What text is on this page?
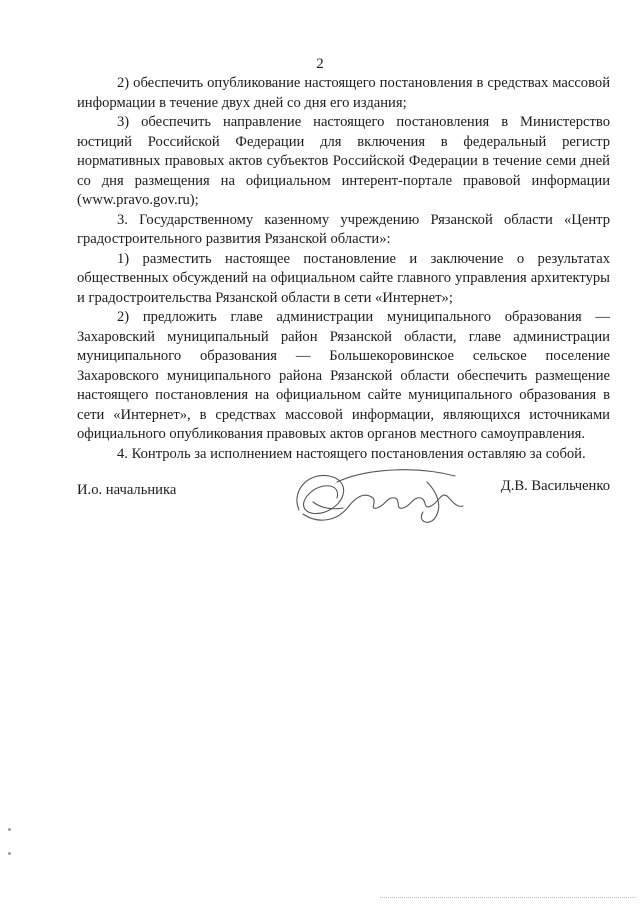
2

2) обеспечить опубликование настоящего постановления в средствах массовой информации в течение двух дней со дня его издания;

3) обеспечить направление настоящего постановления в Министерство юстиций Российской Федерации для включения в федеральный регистр нормативных правовых актов субъектов Российской Федерации в течение семи дней со дня размещения на официальном интерент-портале правовой информации (www.pravo.gov.ru);

3. Государственному казенному учреждению Рязанской области «Центр градостроительного развития Рязанской области»:

1) разместить настоящее постановление и заключение о результатах общественных обсуждений на официальном сайте главного управления архитектуры и градостроительства Рязанской области в сети «Интернет»;

2) предложить главе администрации муниципального образования — Захаровский муниципальный район Рязанской области, главе администрации муниципального образования — Большекоровинское сельское поселение Захаровского муниципального района Рязанской области обеспечить размещение настоящего постановления на официальном сайте муниципального образования в сети «Интернет», в средствах массовой информации, являющихся источниками официального опубликования правовых актов органов местного самоуправления.

4. Контроль за исполнением настоящего постановления оставляю за собой.

И.о. начальника	Д.В. Васильченко
